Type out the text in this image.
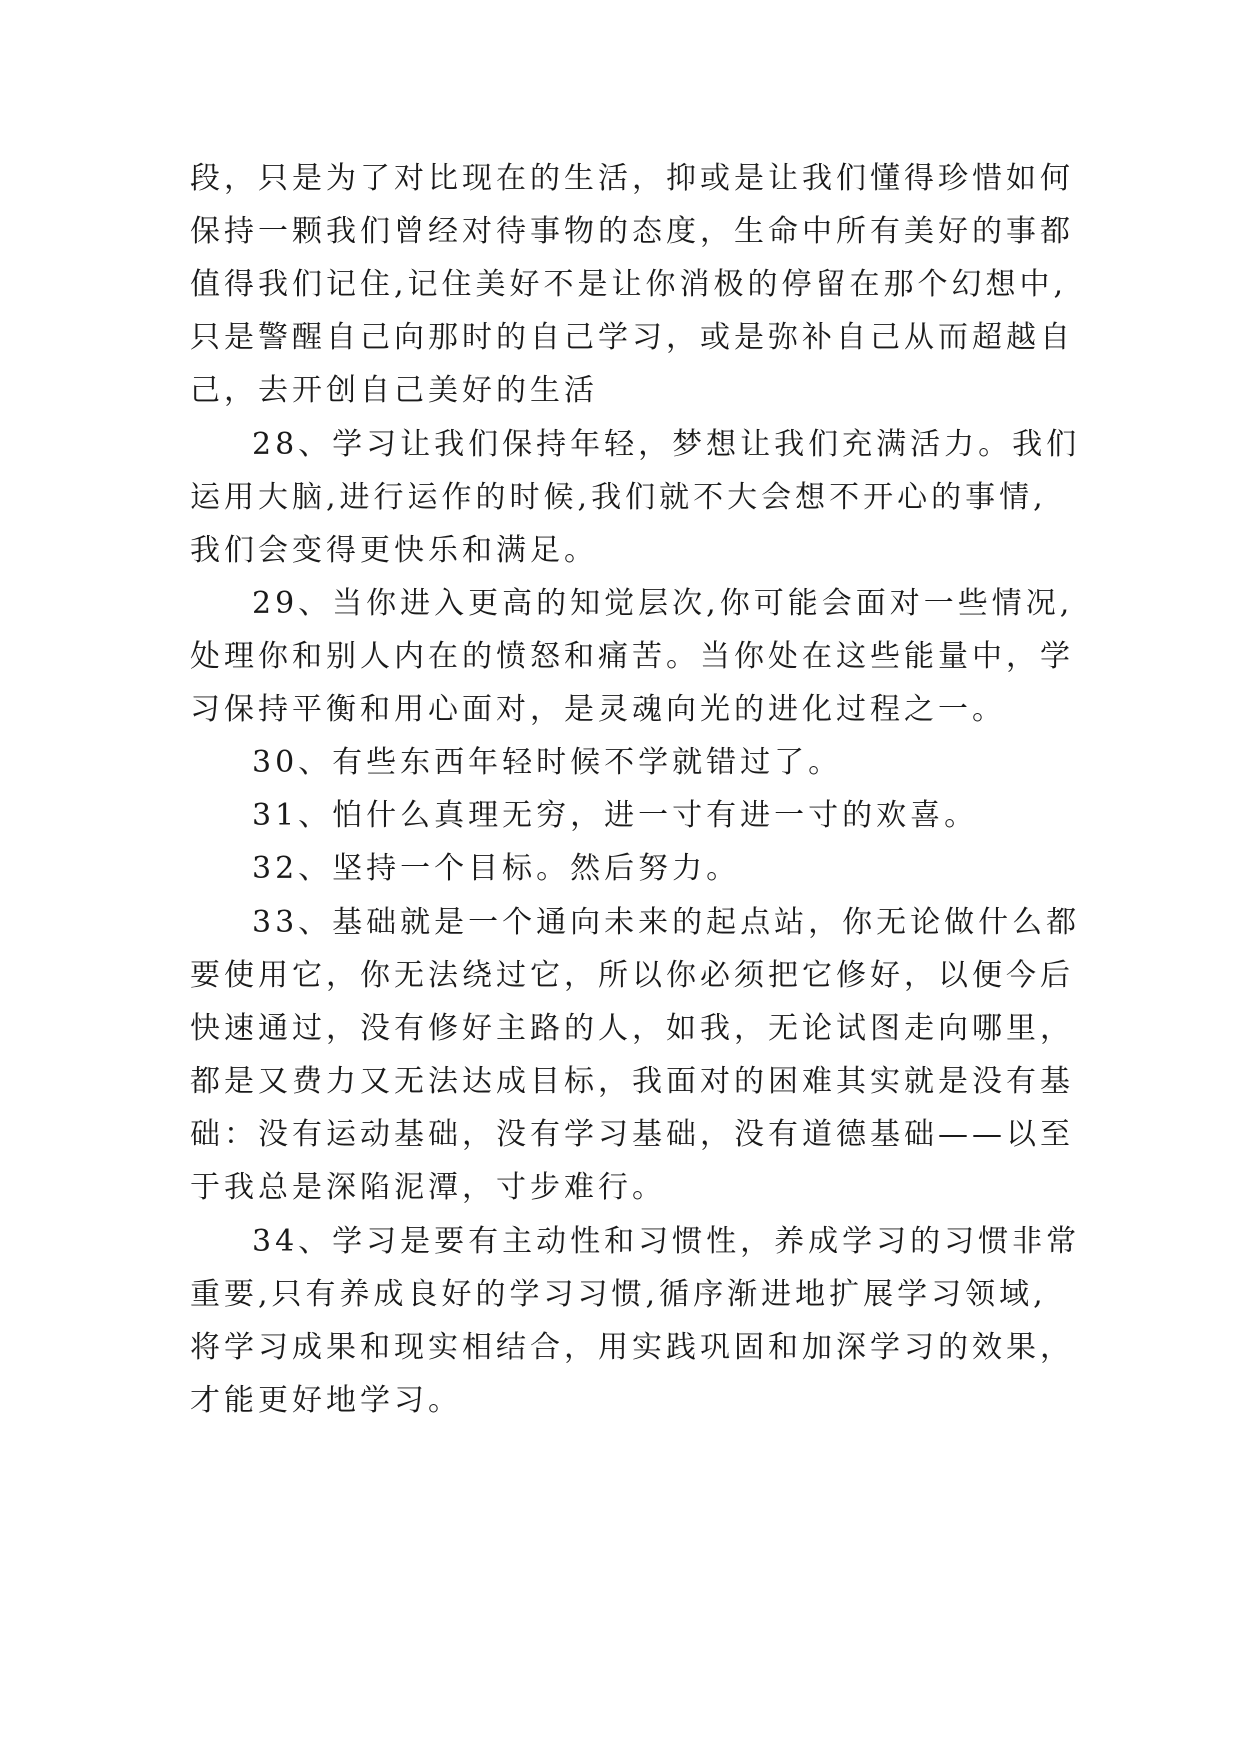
段，只是为了对比现在的生活，抑或是让我们懂得珍惜如何
保持一颗我们曾经对待事物的态度，生命中所有美好的事都
值得我们记住,记住美好不是让你消极的停留在那个幻想中,
只是警醒自己向那时的自己学习，或是弥补自己从而超越自
己，去开创自己美好的生活
28、学习让我们保持年轻，梦想让我们充满活力。我们
运用大脑,进行运作的时候,我们就不大会想不开心的事情,
我们会变得更快乐和满足。
29、当你进入更高的知觉层次,你可能会面对一些情况,
处理你和别人内在的愤怒和痛苦。当你处在这些能量中，学
习保持平衡和用心面对，是灵魂向光的进化过程之一。
30、有些东西年轻时候不学就错过了。
31、怕什么真理无穷，进一寸有进一寸的欢喜。
32、坚持一个目标。然后努力。
33、基础就是一个通向未来的起点站，你无论做什么都
要使用它，你无法绕过它，所以你必须把它修好，以便今后
快速通过，没有修好主路的人，如我，无论试图走向哪里，
都是又费力又无法达成目标，我面对的困难其实就是没有基
础：没有运动基础，没有学习基础，没有道德基础——以至
于我总是深陷泥潭，寸步难行。
34、学习是要有主动性和习惯性，养成学习的习惯非常
重要,只有养成良好的学习习惯,循序渐进地扩展学习领域,
将学习成果和现实相结合，用实践巩固和加深学习的效果，
才能更好地学习。
